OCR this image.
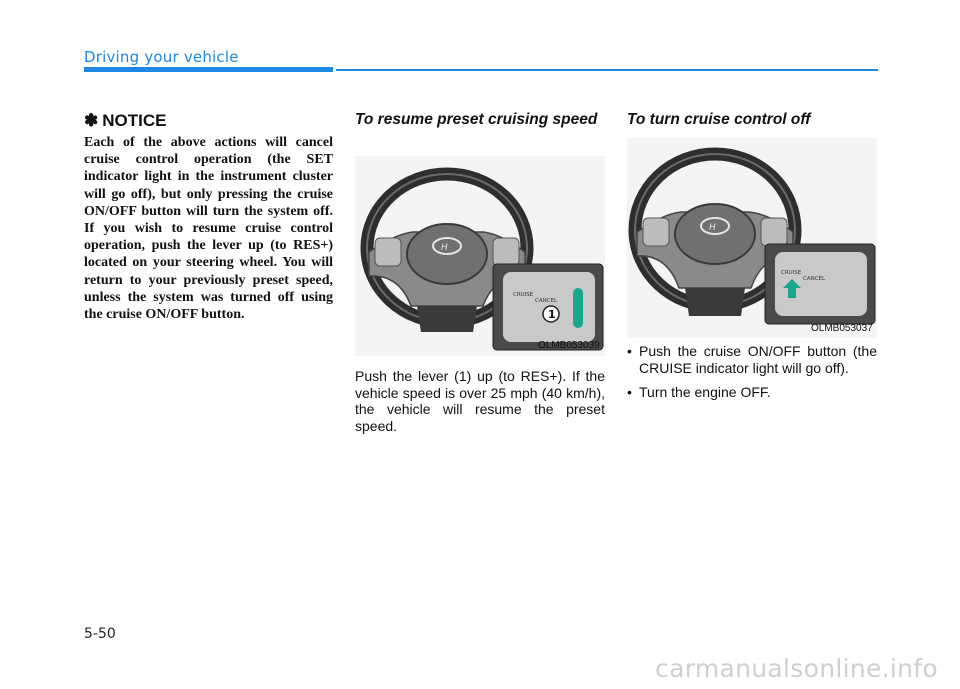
Driving your vehicle
✽ NOTICE
Each of the above actions will cancel cruise control operation (the SET indicator light in the instrument cluster will go off), but only pressing the cruise ON/OFF button will turn the system off. If you wish to resume cruise control operation, push the lever up (to RES+) located on your steering wheel. You will return to your previously preset speed, unless the system was turned off using the cruise ON/OFF button.
To resume preset cruising speed
H
CRUISE
CANCEL
1
OLMB053039
Push the lever (1) up (to RES+). If the vehicle speed is over 25 mph (40 km/h), the vehicle will resume the preset speed.
To turn cruise control off
H
CRUISE
CANCEL
OLMB053037
• Push the cruise ON/OFF button (the CRUISE indicator light will go off).
• Turn the engine OFF.
5-50
carmanualsonline.info
